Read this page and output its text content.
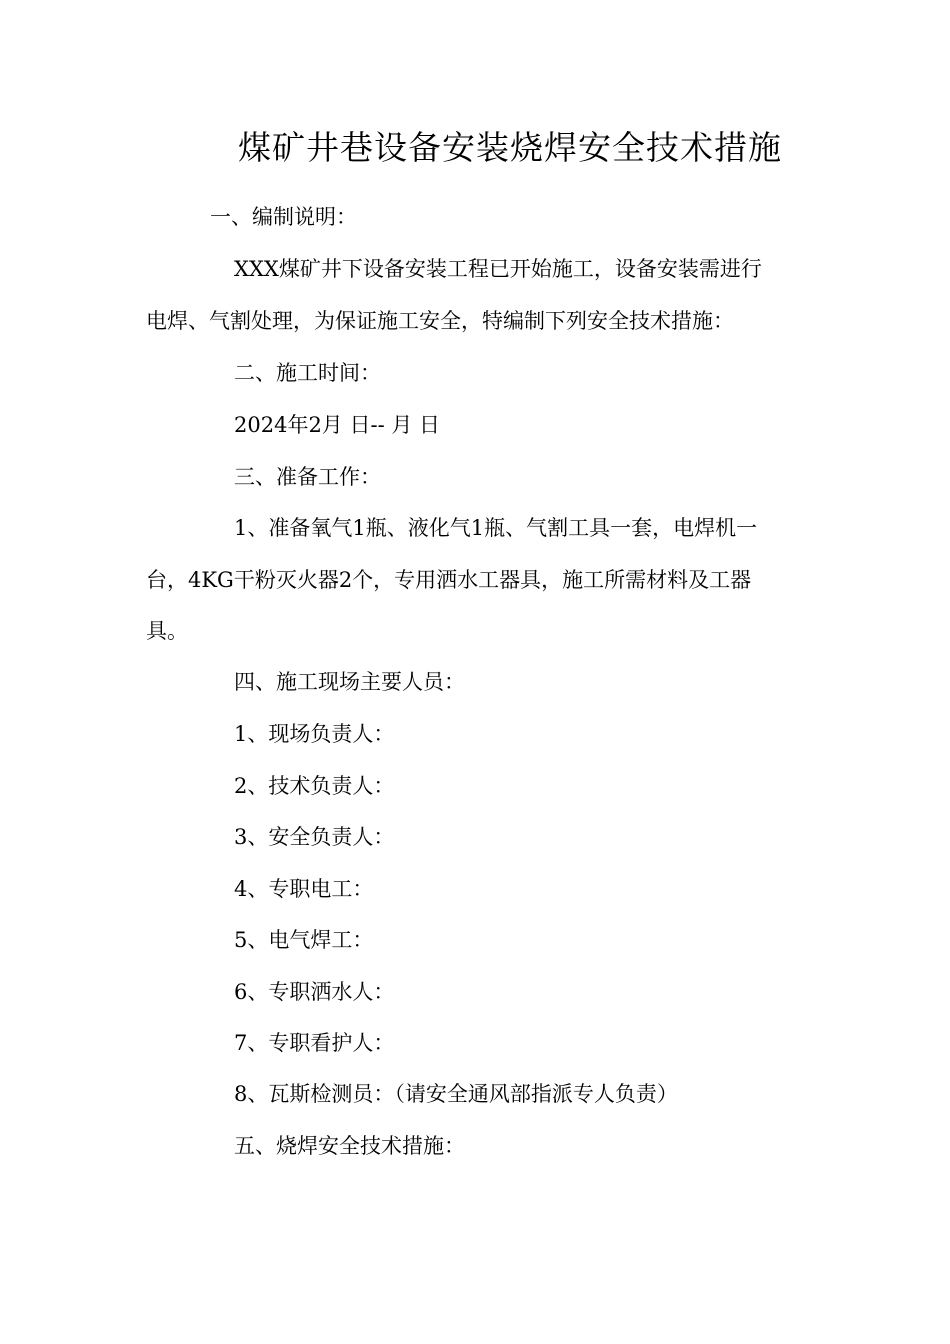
煤矿井巷设备安装烧焊安全技术措施
一、编制说明：
XXX煤矿井下设备安装工程已开始施工，设备安装需进行
电焊、气割处理，为保证施工安全，特编制下列安全技术措施：
二、施工时间：
2024年2月 日-- 月 日
三、准备工作：
1、准备氧气1瓶、液化气1瓶、气割工具一套，电焊机一
台，4KG干粉灭火器2个，专用洒水工器具，施工所需材料及工器
具。
四、施工现场主要人员：
1、现场负责人：
2、技术负责人：
3、安全负责人：
4、专职电工：
5、电气焊工：
6、专职洒水人：
7、专职看护人：
8、瓦斯检测员：（请安全通风部指派专人负责）
五、烧焊安全技术措施：
